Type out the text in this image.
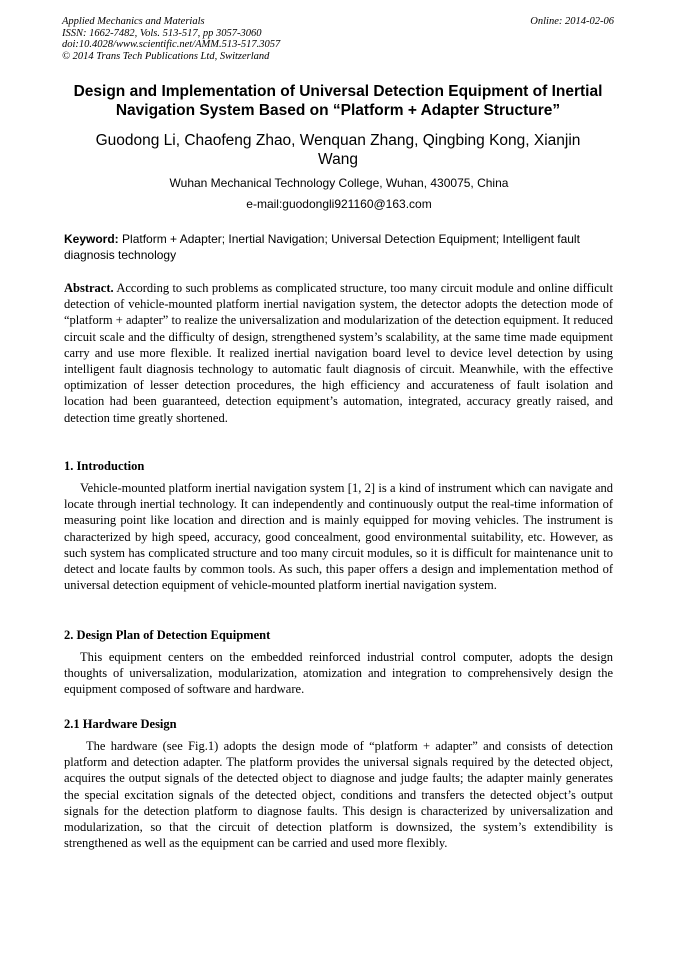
Applied Mechanics and Materials
ISSN: 1662-7482, Vols. 513-517, pp 3057-3060
doi:10.4028/www.scientific.net/AMM.513-517.3057
© 2014 Trans Tech Publications Ltd, Switzerland
Online: 2014-02-06
Design and Implementation of Universal Detection Equipment of Inertial Navigation System Based on “Platform + Adapter Structure”
Guodong Li, Chaofeng Zhao, Wenquan Zhang, Qingbing Kong, Xianjin Wang
Wuhan Mechanical Technology College, Wuhan, 430075, China
e-mail:guodongli921160@163.com
Keyword: Platform + Adapter; Inertial Navigation; Universal Detection Equipment; Intelligent fault diagnosis technology
Abstract. According to such problems as complicated structure, too many circuit module and online difficult detection of vehicle-mounted platform inertial navigation system, the detector adopts the detection mode of “platform + adapter” to realize the universalization and modularization of the detection equipment. It reduced circuit scale and the difficulty of design, strengthened system’s scalability, at the same time made equipment carry and use more flexible. It realized inertial navigation board level to device level detection by using intelligent fault diagnosis technology to automatic fault diagnosis of circuit. Meanwhile, with the effective optimization of lesser detection procedures, the high efficiency and accurateness of fault isolation and location had been guaranteed, detection equipment’s automation, integrated, accuracy greatly raised, and detection time greatly shortened.
1. Introduction
Vehicle-mounted platform inertial navigation system [1, 2] is a kind of instrument which can navigate and locate through inertial technology. It can independently and continuously output the real-time information of measuring point like location and direction and is mainly equipped for moving vehicles. The instrument is characterized by high speed, accuracy, good concealment, good environmental suitability, etc. However, as such system has complicated structure and too many circuit modules, so it is difficult for maintenance unit to detect and locate faults by common tools. As such, this paper offers a design and implementation method of universal detection equipment of vehicle-mounted platform inertial navigation system.
2. Design Plan of Detection Equipment
This equipment centers on the embedded reinforced industrial control computer, adopts the design thoughts of universalization, modularization, atomization and integration to comprehensively design the equipment composed of software and hardware.
2.1 Hardware Design
The hardware (see Fig.1) adopts the design mode of “platform + adapter” and consists of detection platform and detection adapter. The platform provides the universal signals required by the detected object, acquires the output signals of the detected object to diagnose and judge faults; the adapter mainly generates the special excitation signals of the detected object, conditions and transfers the detected object’s output signals for the detection platform to diagnose faults. This design is characterized by universalization and modularization, so that the circuit of detection platform is downsized, the system’s extendibility is strengthened as well as the equipment can be carried and used more flexibly.
